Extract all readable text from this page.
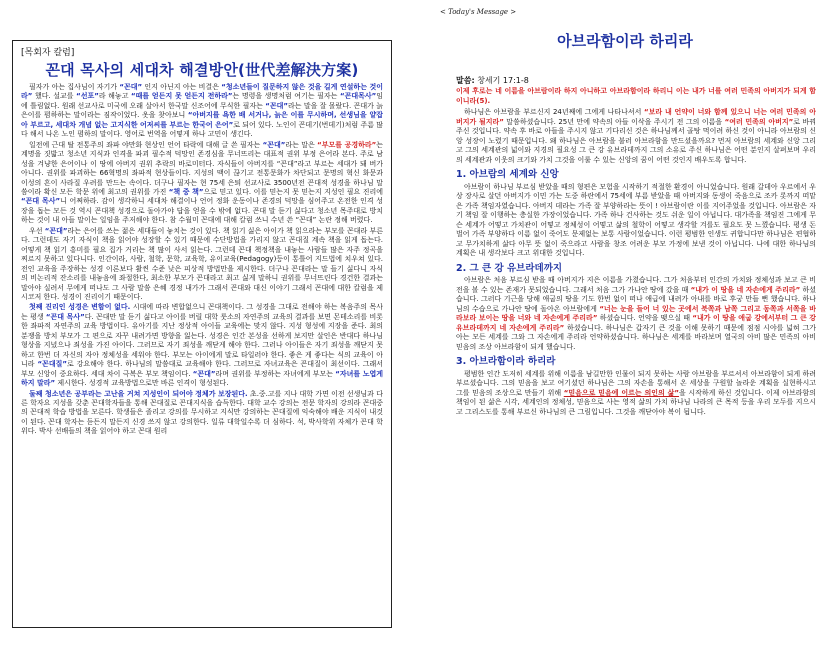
[목회자 칼럼]
꼰대 목사의 세대차 해결방안(世代差解決方案)

필자가 아는 집사님이 자기가 “꼰대” 인지 아닌지 아는 비결은 “청소년들이 질문하지 않은 것을 길게 연설하는 것이라” 했다. 설교를 “선포”라 해놓고 “때를 얻든지 못 얻든지 전하라”는 명령을 생명처럼 여기는 필자는 “꼰대목사”임에 틀림없다. 원래 선교사로 미국에 오래 살아서 한국말 신조어에 무식한 필자는 “꼰대”라는 말을 잘 몰랐다. 꼰대가 늙은이를 폄하하는 말이라는 짐작이었다. 옷을 찾아보니 “아버지를 욕한 배 서거나, 늙은 이를 무시하며, 선생님을 얕잡아 부르고, 세대차 개념 없는 고지식한 어저씨를 부르는 한국어 은어”로 되어 있다. 노인이 꼰데기(번데기)처럼 주름 많다 해서 나온 노인 폄하의 말이다. 영어로 번역을 어떻게 하나 고민이 생긴다.

일전에 근대 탈 전통주의 좌파 야만화 현상인 언어 타락에 대해 글 쓴 필자는 “꼰대”라는 말은 “부모를 공경하라”는 계명을 짓밟고 청소년 지식과 인격을 파괴 필수적 덕망인 존경심을 무너뜨리는 대표적 권위 부정 은어라 본다. 주로 남성을 겨냥한 은어이나 이 땅에 아버지 권위 추락의 바로미터다. 자식들이 아버지를 “꼰대”라고 부르는 세대가 돼 버가 아니다. 권위를 파괴하는 66혁명의 좌파적 현상들이다. 지성의 맥이 끊기고 전통문화가 차단되고 문명의 혁신 화문과 이성의 흔이 사라질 우려를 만드는 속이다. 더구나 필자는 현 75세 은퇴 선교사로 3500년전 꼰대적 성경을 하나님 말씀이라 확신 모든 학문 위에 최고의 권위를 가진 “책 중 책”으로 믿고 있다. 이를 믿는지 못 믿는지 지성인 필요 진리에 “꼰대 목사”니 어쩌하라. 감이 생각하니 세대차 해결이나 언어 정화 운동이나 존경의 덕망을 심어주고 온전한 인격 성장을 돕는 모든 것 역시 꼰대책 성경으로 돌아가야 답을 얻을 수 밖에 없다. 꼰대 말 듣기 싫다고 청소년 목주대로 방치하는 것이 내 아들 말이는 일임을 주저해야 한다. 참 수월미 꼰대에 대해 칼럼 쓰니 수년 쓴 “꼰대” 논란 정해 버렸다.

우선 “꼰대”라는 은어를 쓰는 젊은 세대들이 놓치는 것이 있다. 책 읽기 싫은 아이가 책 읽으라는 부모를 꼰대라 부른다. 그런데도 자기 자식이 책을 읽어야 성장할 수 있기 때문에 수단방법을 가리지 않고 꼰대질 계속 책을 읽게 돕는다. 어떻게 책 읽기 흥미를 필요 집가 거리는 책 많이 사서 읽는다. 그런데 꼰대 책정책을 내놓는 사람들 많은 자주 정곡을 찌르지 못하고 있다니다. 인간이라, 사람, 철학, 문학, 교육학, 유이교육(Pedagogy)등이 통틀어 지드법에 치우쳐 있다. 전인 교육을 주장하는 성경 이론보다 활씬 수준 낮은 피상적 방법만을 제시한다. 더구나 꼰대라는 말 들기 싫다니 자식의 비논리적 잔소리를 내놓음에 좌절한다, 최소한 부모가 꼰대라고 최고 싫게 말하니 권위를 무너뜨린다 경건한 결과는 말아야 실려서 무에게 떠나도 그 사람 말씀 은혜 경정 내가가 그래서 꼰대와 대신 이야기 그래서 꼰대에 대한 칼럼을 제시코저 한다. 성경이 진리이기 때문이다.

첫째 진리인 성경은 변함이 없다. 시대에 따라 변합없으니 꼰대책이다. 그 성경을 그대로 전해야 하는 복음주의 목사는 평생 “꼰대 목사”다. 꼰대만 말 듣기 싫다고 아이를 버릴 대학 룻소의 자연주의 교육의 결과를 보면 몬테소리를 비롯한 좌파적 자연주의 교육 방법이다. 유아기를 지난 정상적 아이들 교육에는 맞지 않다. 지성 형성에 지장을 준다. 최의 분쟁을 방치 부모가 그 편으로 자꾸 내려가면 방향을 잃는다. 성경은 인간 본성을 선하게 보지만 살인은 반대다 하나님 형상을 지녔으나 죄성을 가진 아이다. 그러므로 자기 죄성을 깨닫게 해야 한다. 그러나 아이들은 자기 죄성을 깨닫지 못하고 한번 더 자신의 자아 정체성을 세워야 한다. 부모는 아이에게 말로 타일러야 한다. 좋은 게 좋다는 식의 교육이 아니라 “꼰대질”로 강요해야 한다. 하나님의 말씀대로 교육해야 한다. 그러므로 자녀교육은 꼰대질이 최선이다. 그래서 부모 신앙이 중요하다. 세대 차이 극복은 부모 책임이다. “꼰대”라며 권위를 부정하는 자녀에게 부모는 “자녀를 노엽게 하지 말라” 제시한다. 성경적 교육방법으로만 바른 인격이 형성된다.

둘째 청소년은 공부라는 고난을 거쳐 지성인이 되어야 정체가 보장된다. 초.중.고를 지나 대학 가면 이전 선생님과 다른 학자요 지성을 갖춘 꼰대학자들을 통해 꼰대질로 꼰대지식을 습득한다. 대학 교수 강의는 전문 학자의 강의라 꼰대중의 꼰대적 학습 방법을 모른다. 학생들은 졸리고 강의를 무시하고 지식만 강의하는 꼰대질에 익숙해야 배운 지식이 내것이 된다. 꼰대 학자는 듣든지 말든지 신경 쓰지 않고 강의한다. 일류 대학일수록 더 심하다. 석, 박사학위 자체가 꼰대 학위다. 박사 선배들의 책을 읽어야 하고 꼰대 원리

< Today's Message >
아브라함이라 하리라
말씀: 창세기 17:1-8

이제 후로는 네 이름을 아브람이라 하지 아니하고 아브라함이라 하리니 이는 내가 너를 여러 민족의 아버지가 되게 함이니라(5).

하나님은 아브람을 부르신지 24년째에 그에게 나타나셔서 “보라 내 언약이 너와 함께 있으니 너는 여러 민족의 아버지가 될지라” 말씀하셨습니다. 25년 만에 약속의 아들 이삭을 주시기 전 그의 이름을 “여러 민족의 아버지”로 바꿔주신 것입니다. 약속 후 바로 아들을 주시지 않고 기다리신 것은 하나님께서 골탕 먹이려 하신 것이 아니라 아브람의 신앙 성장이 노렸기 때문입니다. 왜 하나님은 아브람을 불러 아브라함을 만드셨을까요? 먼저 아브람의 세계와 신앙 그리고 그의 세계관의 넓이와 지경의 필요성 그 큰 강 유브라데까지 그의 소유로 주신 하나님은 어떤 분인지 살펴보며 우리의 세계관과 이웃의 크기와 가치 그것을 이룰 수 있는 신앙의 꿈이 어떤 것인지 배우도록 합니다.

1. 아브람의 세계와 신앙

아브람이 하나님 부르심 받았을 때의 형편은 모험을 시작하기 적절한 환경이 아니었습니다. 원래 갈데아 우르에서 우상 장사로 살던 아버지가 이민 가는 도중 하란에서 75세에 부름 받았을 때 아버지와 동생이 죽음으로 조카 롯까지 떠맡은 가족 책임자였습니다. 아버지 데라는 가족 잘 부양하라는 뜻이 ! 아브람이란 이를 지어주었을 것입니다. 아브람은 자기 책임 잘 이행하는 층실한 가장이었습니다. 가족 하나 건사하는 것도 쉬운 일이 아닙니다. 대가족을 책임진 그에게 무슨 세계가 어떻고 가치관이 어떻고 정체성이 어떻고 삶의 철학이 어떻고 생각할 겨를도 필요도 못 느꼈습니다. 평생 돈 벌어 가족 부양하다 이름 없이 죽어도 문제없는 보통 사람이었습니다. 이런 평범한 인생도 귀합니다만 하나님은 편협하고 무가치하게 삶다 아무 뜻 없이 죽으라고 사람을 창조 어려운 부모 가정에 보낸 것이 아닙니다. 나에 대한 하나님의 계획은 내 생각보다 크고 위대한 것입니다.

2. 그 큰 강 유브라데까지

아브람은 처음 부르심 받을 때 아버지가 지은 이름을 가졌습니다. 그가 처음부터 인간의 가치와 정체성과 보고 큰 비전을 볼 수 있는 존재가 못되었습니다. 그래서 처음 그가 가나안 땅에 갔을 때 “내가 이 땅을 네 자손에게 주리라” 하셨습니다. 그러다 기근을 당해 애굽의 땅을 기도 한번 없이 떠나 애급에 내려가 아내를 바로 후궁 만들 뻔 했습니다. 하나님의 수습으로 가나안 땅에 돌아온 아브람에게 “너는 눈을 들어 너 있는 곳에서 북쪽과 남쪽 그리고 동쪽과 서쪽을 바라보라 보이는 땅을 너와 네 자손에게 주리라” 하셨습니다. 언약을 맺으실 때 “내가 이 땅을 애굽 강에서부터 그 큰 강 유브라데까지 네 자손에게 주리라” 하셨습니다. 하나님은 갑자기 큰 것을 이해 못하기 때문에 점점 시야를 넓혀 그가 아는 모든 세계를 그와 그 자손에게 주리라 언약하셨습니다. 하나님은 세계를 바라보며 열국의 아비 많은 민족의 아비 믿음의 조상 아브라함이 되게 했습니다.

3. 아브라함이라 하리라

평범한 인간 도저히 세계를 위해 이름을 남길만한 인물이 되지 못하는 사람 아브람을 부르셔서 아브라함이 되게 하려 부르셨습니다. 그의 믿음을 보고 여기셨던 하나님은 그의 자손을 통해서 온 세상을 구원할 놀라운 계획을 실현하시고 그를 믿음의 조상으로 만들기 위해 “믿음으로 믿음에 이르는 의인의 삶”을 시작하게 하신 것입니다. 이제 아브라함의 책임이 된 삶은 시각, 세계인의 정체성, 믿음으로 사는 영적 삶의 가치 하나님 나라의 큰 목적 등을 우리 모두를 지으시고 그리스도를 통해 부르신 하나님의 큰 그림입니다. 그것을 깨닫아야 복이 됩니다.
